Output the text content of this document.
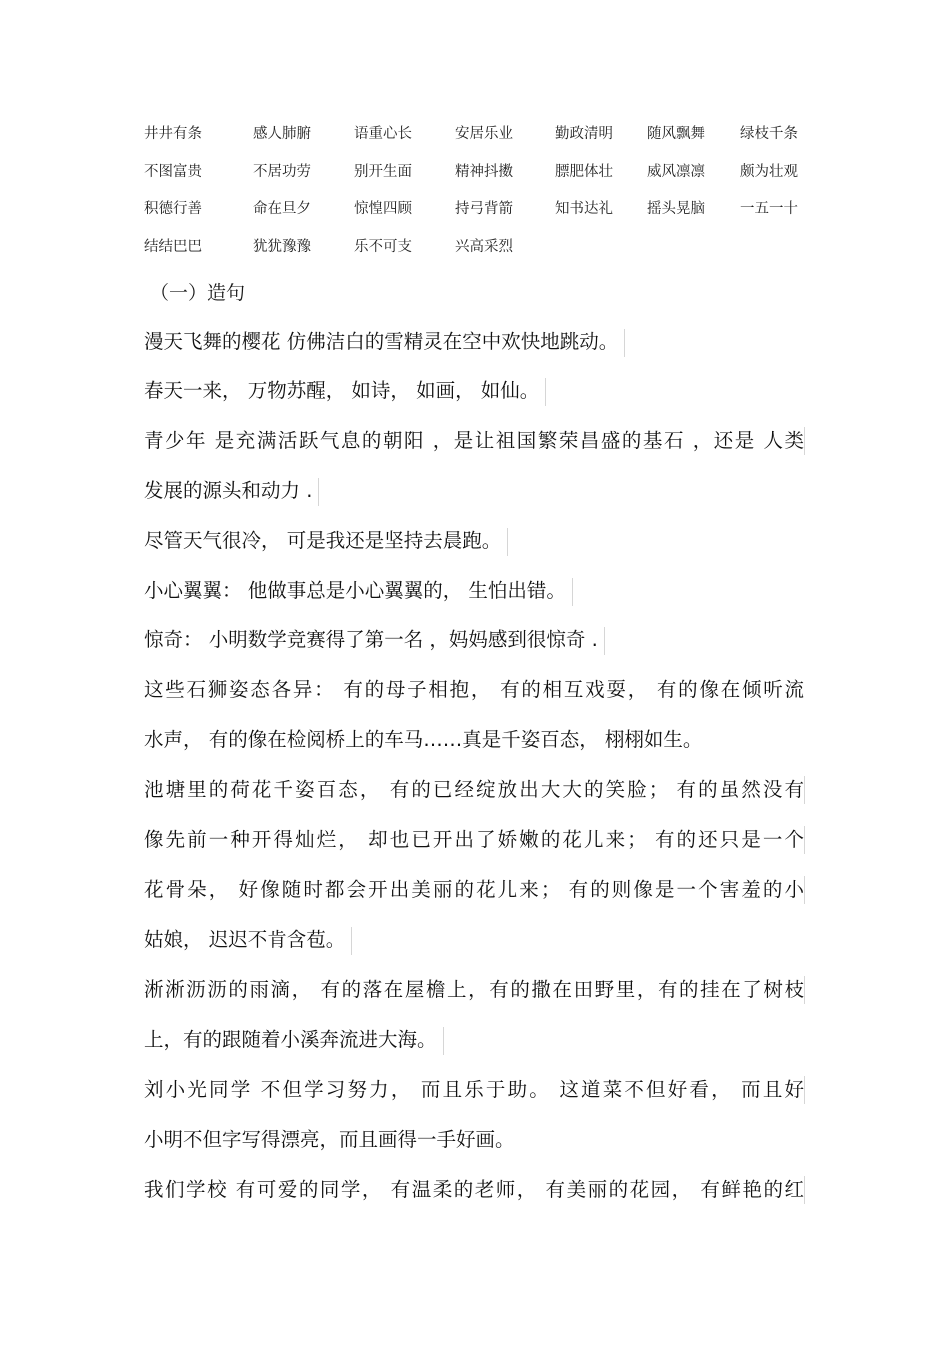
井井有条	感人肺腑	语重心长	安居乐业	勤政清明 随风飘舞 绿枝千条
不图富贵	不居功劳	别开生面	精神抖擞	膘肥体壮 威风凛凛 颇为壮观
积德行善	命在旦夕	惊惶四顾	持弓背箭	知书达礼 摇头晃脑 一五一十
结结巴巴	犹犹豫豫	乐不可支	兴高采烈
（一）造句
漫天飞舞的樱花 仿佛洁白的雪精灵在空中欢快地跳动。
春天一来， 万物苏醒， 如诗， 如画， 如仙。
青少年 是充满活跃气息的朝阳 ，是让祖国繁荣昌盛的基石 ，还是 人类
发展的源头和动力 .
尽管天气很冷， 可是我还是坚持去晨跑。
小心翼翼： 他做事总是小心翼翼的， 生怕出错。
惊奇： 小明数学竞赛得了第一名 ，妈妈感到很惊奇 .
这些石狮姿态各异： 有的母子相抱， 有的相互戏耍， 有的像在倾听流
水声， 有的像在检阅桥上的车马……真是千姿百态， 栩栩如生。
池塘里的荷花千姿百态， 有的已经绽放出大大的笑脸； 有的虽然没有
像先前一种开得灿烂， 却也已开出了娇嫩的花儿来； 有的还只是一个
花骨朵， 好像随时都会开出美丽的花儿来； 有的则像是一个害羞的小
姑娘， 迟迟不肯含苞。
淅淅沥沥的雨滴， 有的落在屋檐上，有的撒在田野里，有的挂在了树枝
上，有的跟随着小溪奔流进大海。
刘小光同学 不但学习努力， 而且乐于助。 这道菜不但好看， 而且好
小明不但字写得漂亮，而且画得一手好画。
我们学校 有可爱的同学， 有温柔的老师， 有美丽的花园， 有鲜艳的红
